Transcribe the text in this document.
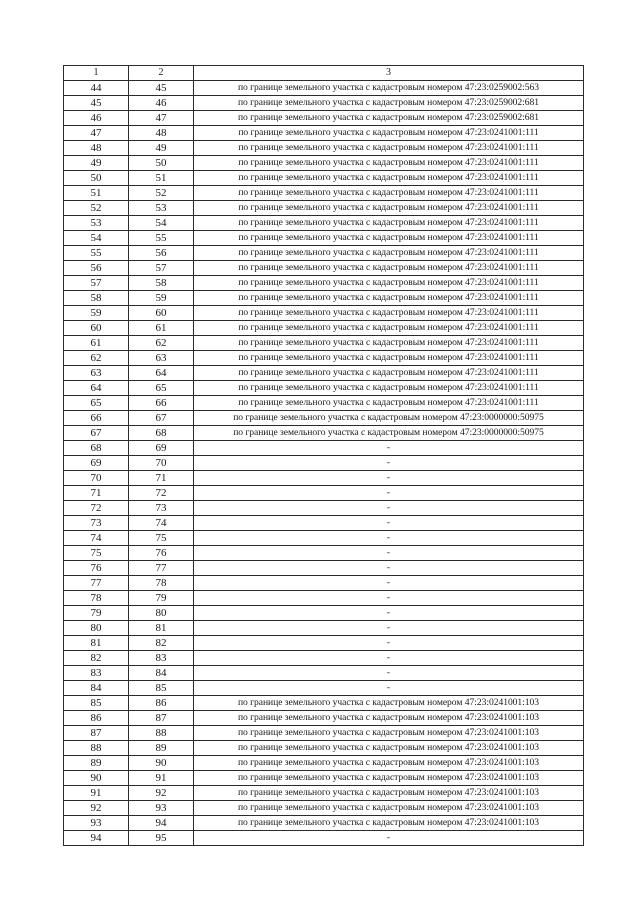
1	2	3
44	45	по границе земельного участка с кадастровым номером 47:23:0259002:563
45	46	по границе земельного участка с кадастровым номером 47:23:0259002:681
46	47	по границе земельного участка с кадастровым номером 47:23:0259002:681
47	48	по границе земельного участка с кадастровым номером 47:23:0241001:111
48	49	по границе земельного участка с кадастровым номером 47:23:0241001:111
49	50	по границе земельного участка с кадастровым номером 47:23:0241001:111
50	51	по границе земельного участка с кадастровым номером 47:23:0241001:111
51	52	по границе земельного участка с кадастровым номером 47:23:0241001:111
52	53	по границе земельного участка с кадастровым номером 47:23:0241001:111
53	54	по границе земельного участка с кадастровым номером 47:23:0241001:111
54	55	по границе земельного участка с кадастровым номером 47:23:0241001:111
55	56	по границе земельного участка с кадастровым номером 47:23:0241001:111
56	57	по границе земельного участка с кадастровым номером 47:23:0241001:111
57	58	по границе земельного участка с кадастровым номером 47:23:0241001:111
58	59	по границе земельного участка с кадастровым номером 47:23:0241001:111
59	60	по границе земельного участка с кадастровым номером 47:23:0241001:111
60	61	по границе земельного участка с кадастровым номером 47:23:0241001:111
61	62	по границе земельного участка с кадастровым номером 47:23:0241001:111
62	63	по границе земельного участка с кадастровым номером 47:23:0241001:111
63	64	по границе земельного участка с кадастровым номером 47:23:0241001:111
64	65	по границе земельного участка с кадастровым номером 47:23:0241001:111
65	66	по границе земельного участка с кадастровым номером 47:23:0241001:111
66	67	по границе земельного участка с кадастровым номером 47:23:0000000:50975
67	68	по границе земельного участка с кадастровым номером 47:23:0000000:50975
68	69	-
69	70	-
70	71	-
71	72	-
72	73	-
73	74	-
74	75	-
75	76	-
76	77	-
77	78	-
78	79	-
79	80	-
80	81	-
81	82	-
82	83	-
83	84	-
84	85	-
85	86	по границе земельного участка с кадастровым номером 47:23:0241001:103
86	87	по границе земельного участка с кадастровым номером 47:23:0241001:103
87	88	по границе земельного участка с кадастровым номером 47:23:0241001:103
88	89	по границе земельного участка с кадастровым номером 47:23:0241001:103
89	90	по границе земельного участка с кадастровым номером 47:23:0241001:103
90	91	по границе земельного участка с кадастровым номером 47:23:0241001:103
91	92	по границе земельного участка с кадастровым номером 47:23:0241001:103
92	93	по границе земельного участка с кадастровым номером 47:23:0241001:103
93	94	по границе земельного участка с кадастровым номером 47:23:0241001:103
94	95	-
